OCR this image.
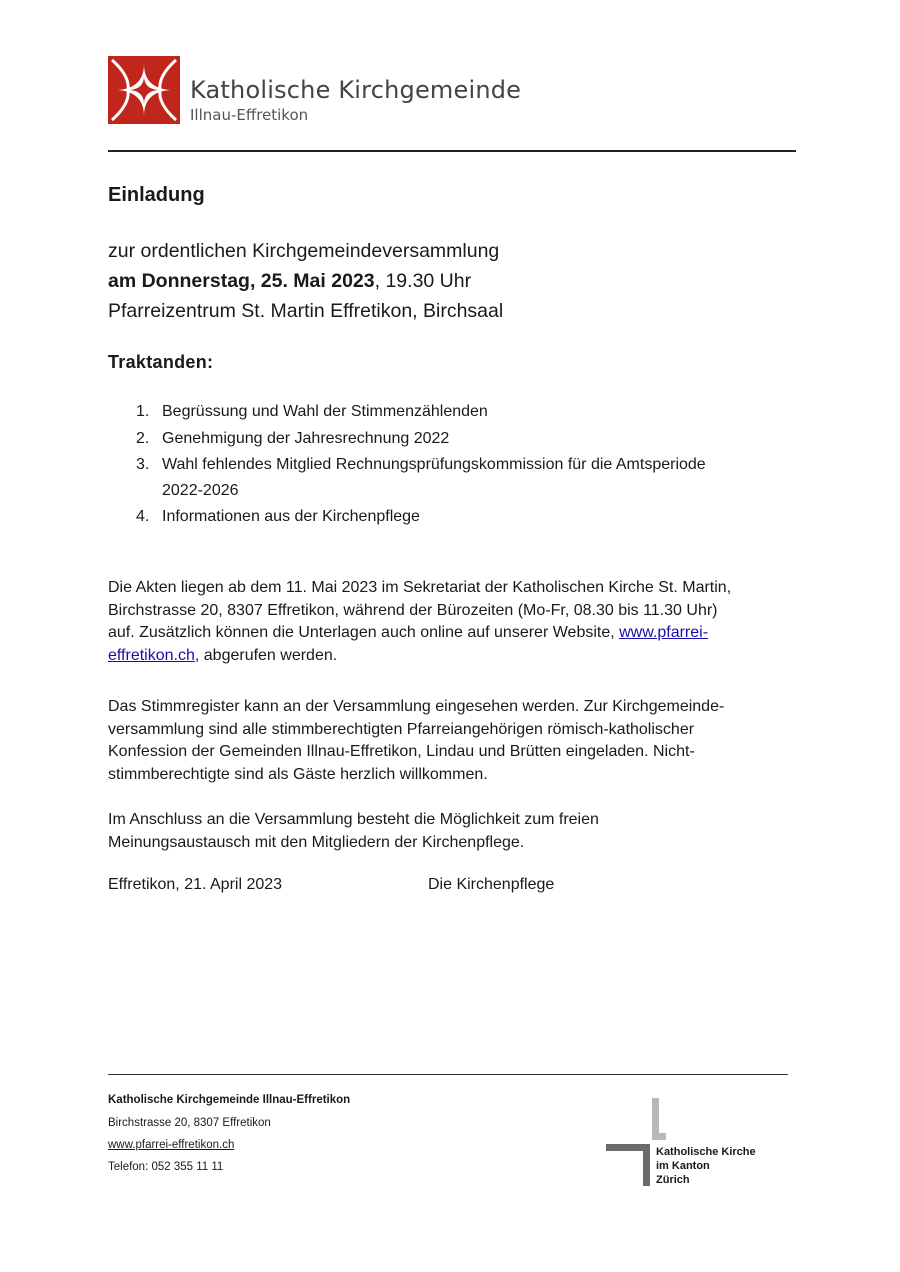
Katholische Kirchgemeinde
Illnau-Effretikon
Einladung
zur ordentlichen Kirchgemeindeversammlung
am Donnerstag, 25. Mai 2023, 19.30 Uhr
Pfarreizentrum St. Martin Effretikon, Birchsaal
Traktanden:
1. Begrüssung und Wahl der Stimmenzählenden
2. Genehmigung der Jahresrechnung 2022
3. Wahl fehlendes Mitglied Rechnungsprüfungskommission für die Amtsperiode
2022-2026
4. Informationen aus der Kirchenpflege
Die Akten liegen ab dem 11. Mai 2023 im Sekretariat der Katholischen Kirche St. Martin,
Birchstrasse 20, 8307 Effretikon, während der Bürozeiten (Mo-Fr, 08.30 bis 11.30 Uhr)
auf. Zusätzlich können die Unterlagen auch online auf unserer Website, www.pfarrei-
effretikon.ch, abgerufen werden.
Das Stimmregister kann an der Versammlung eingesehen werden. Zur Kirchgemeinde-
versammlung sind alle stimmberechtigten Pfarreiangehörigen römisch-katholischer
Konfession der Gemeinden Illnau-Effretikon, Lindau und Brütten eingeladen. Nicht-
stimmberechtigte sind als Gäste herzlich willkommen.
Im Anschluss an die Versammlung besteht die Möglichkeit zum freien
Meinungsaustausch mit den Mitgliedern der Kirchenpflege.
Effretikon, 21. April 2023	Die Kirchenpflege
Katholische Kirchgemeinde Illnau-Effretikon
Birchstrasse 20, 8307 Effretikon
www.pfarrei-effretikon.ch
Telefon: 052 355 11 11
Katholische Kirche
im Kanton
Zürich
